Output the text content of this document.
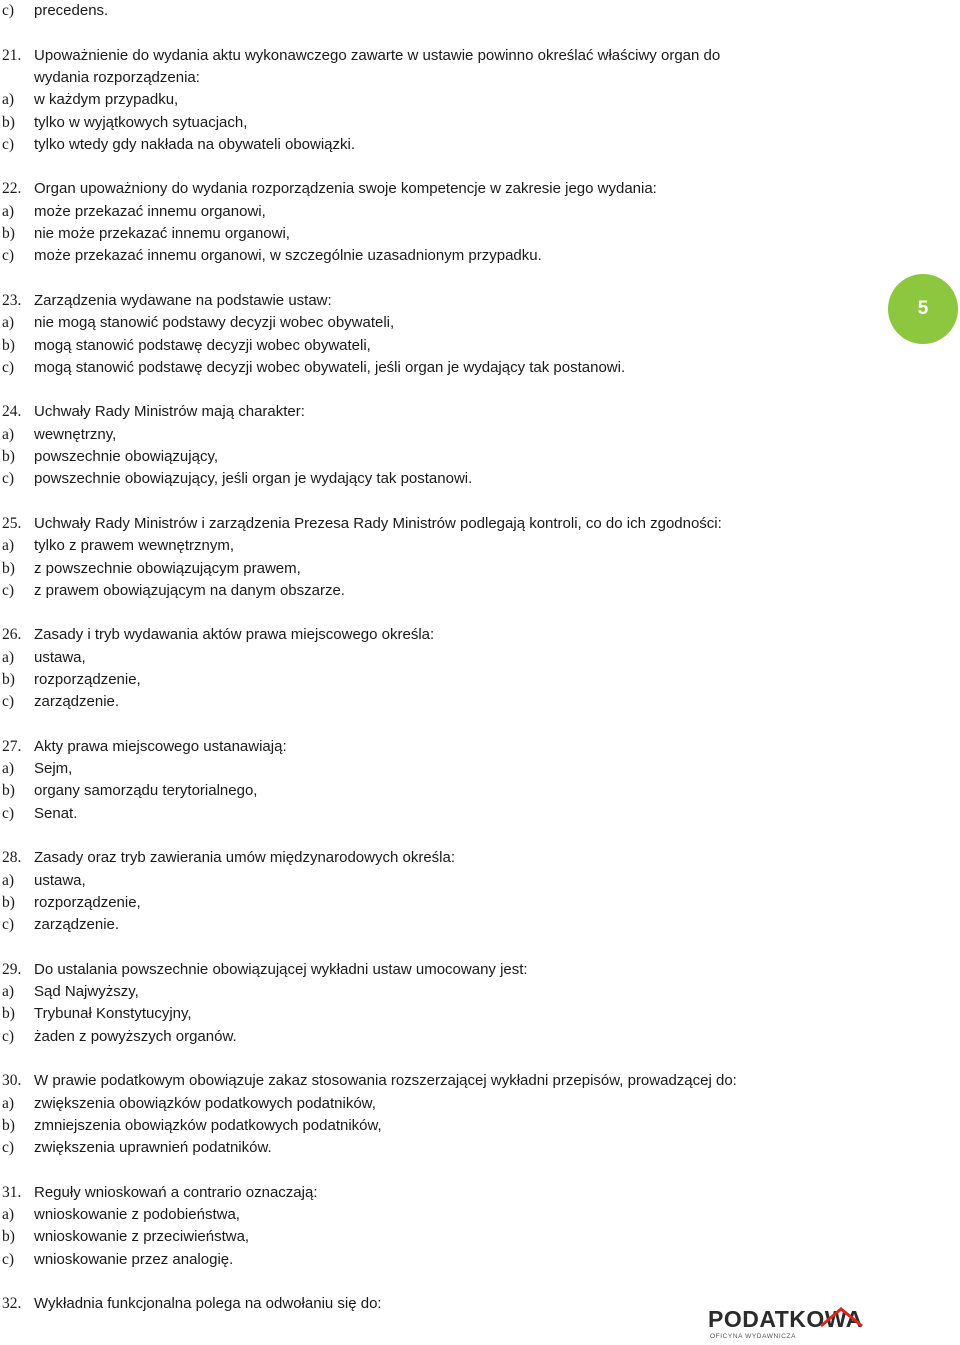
c)	precedens.
21. Upoważnienie do wydania aktu wykonawczego zawarte w ustawie powinno określać właściwy organ do
wydania rozporządzenia:
a)	w każdym przypadku,
b)	tylko w wyjątkowych sytuacjach,
c)	tylko wtedy gdy nakłada na obywateli obowiązki.
22. Organ upoważniony do wydania rozporządzenia swoje kompetencje w zakresie jego wydania:
a)	może przekazać innemu organowi,
b)	nie może przekazać innemu organowi,
c)	może przekazać innemu organowi, w szczególnie uzasadnionym przypadku.
23. Zarządzenia wydawane na podstawie ustaw:
a)	nie mogą stanowić podstawy decyzji wobec obywateli,
b)	mogą stanowić podstawę decyzji wobec obywateli,
c)	mogą stanowić podstawę decyzji wobec obywateli, jeśli organ je wydający tak postanowi.
24. Uchwały Rady Ministrów mają charakter:
a)	wewnętrzny,
b)	powszechnie obowiązujący,
c)	powszechnie obowiązujący, jeśli organ je wydający tak postanowi.
25. Uchwały Rady Ministrów i zarządzenia Prezesa Rady Ministrów podlegają kontroli, co do ich zgodności:
a)	tylko z prawem wewnętrznym,
b)	z powszechnie obowiązującym prawem,
c)	z prawem obowiązującym na danym obszarze.
26. Zasady i tryb wydawania aktów prawa miejscowego określa:
a)	ustawa,
b)	rozporządzenie,
c)	zarządzenie.
27. Akty prawa miejscowego ustanawiają:
a)	Sejm,
b)	organy samorządu terytorialnego,
c)	Senat.
28. Zasady oraz tryb zawierania umów międzynarodowych określa:
a)	ustawa,
b)	rozporządzenie,
c)	zarządzenie.
29. Do ustalania powszechnie obowiązującej wykładni ustaw umocowany jest:
a)	Sąd Najwyższy,
b)	Trybunał Konstytucyjny,
c)	żaden z powyższych organów.
30. W prawie podatkowym obowiązuje zakaz stosowania rozszerzającej wykładni przepisów, prowadzącej do:
a)	zwiększenia obowiązków podatkowych podatników,
b)	zmniejszenia obowiązków podatkowych podatników,
c)	zwiększenia uprawnień podatników.
31. Reguły wnioskowań a contrario oznaczają:
a)	wnioskowanie z podobieństwa,
b)	wnioskowanie z przeciwieństwa,
c)	wnioskowanie przez analogię.
32. Wykładnia funkcjonalna polega na odwołaniu się do:
5
PODATKOWA
OFICYNA WYDAWNICZA
